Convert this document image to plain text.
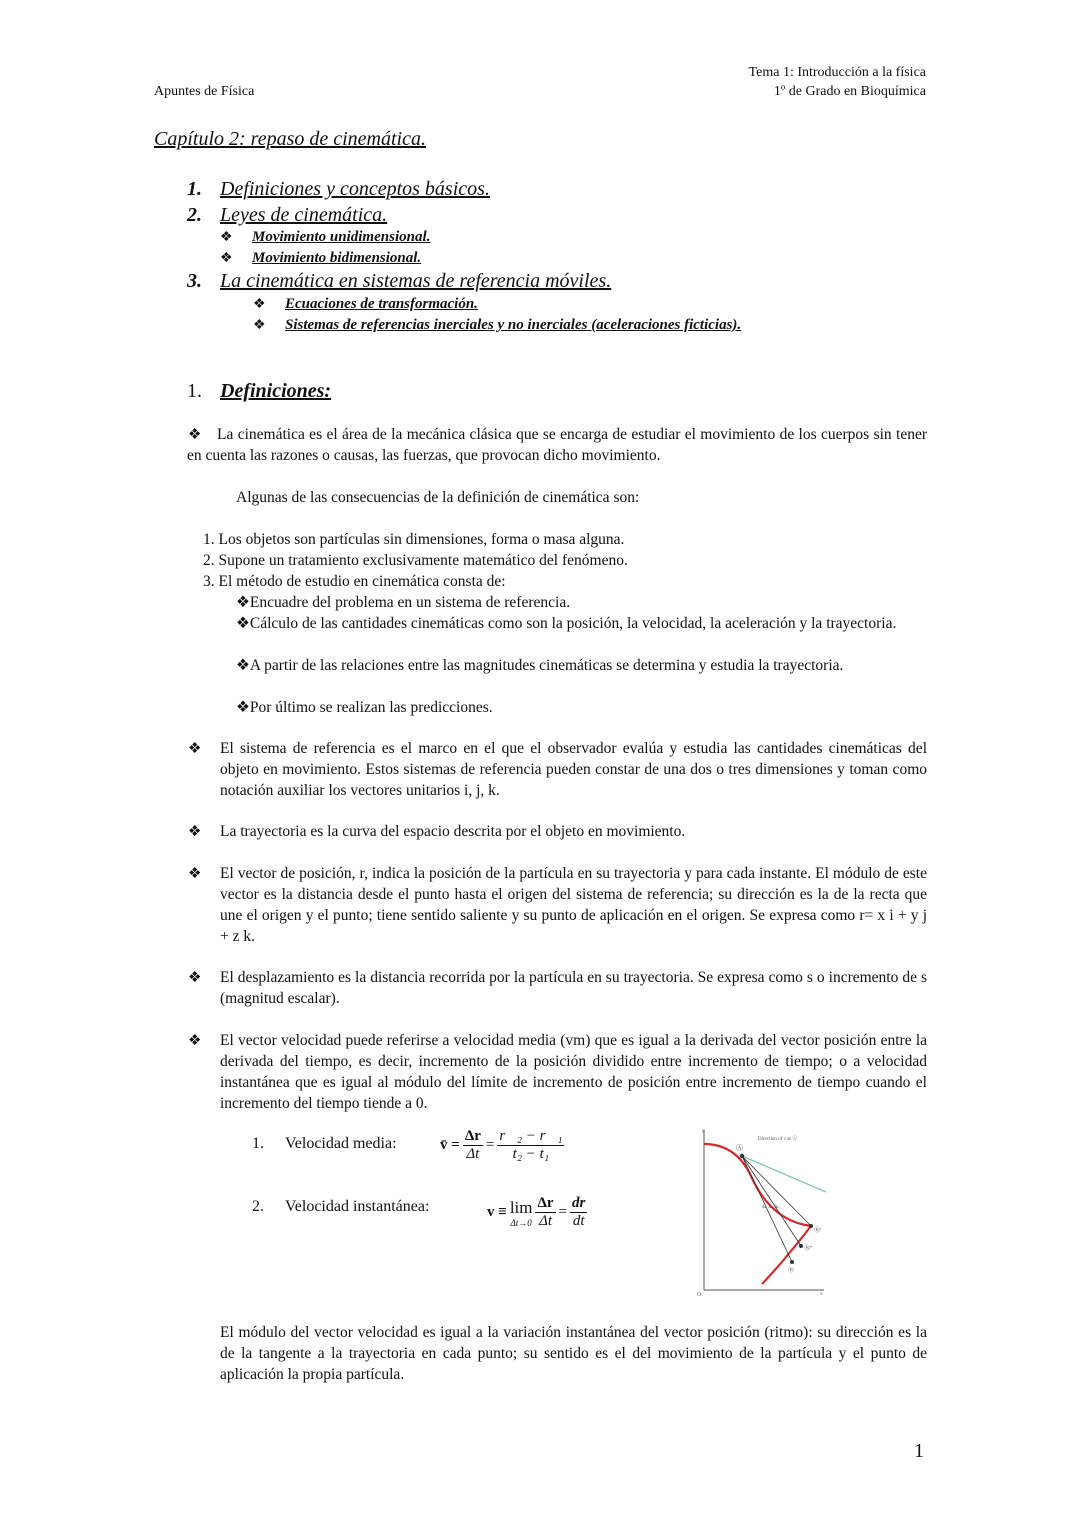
Apuntes de Física
Tema 1: Introducción a la física
1º de Grado en Bioquímica
Capítulo 2: repaso de cinemática.
1. Definiciones y conceptos básicos.
2. Leyes de cinemática.
❖ Movimiento unidimensional.
❖ Movimiento bidimensional.
3. La cinemática en sistemas de referencia móviles.
❖ Ecuaciones de transformación.
❖ Sistemas de referencias inerciales y no inerciales (aceleraciones ficticias).
1. Definiciones:
❖	La cinemática es el área de la mecánica clásica que se encarga de estudiar el movimiento de los cuerpos sin tener en cuenta las razones o causas, las fuerzas, que provocan dicho movimiento.
Algunas de las consecuencias de la definición de cinemática son:
1. Los objetos son partículas sin dimensiones, forma o masa alguna.
2. Supone un tratamiento exclusivamente matemático del fenómeno.
3. El método de estudio en cinemática consta de:
❖Encuadre del problema en un sistema de referencia.
❖Cálculo de las cantidades cinemáticas como son la posición, la velocidad, la aceleración y la trayectoria.
❖A partir de las relaciones entre las magnitudes cinemáticas se determina y estudia la trayectoria.
❖Por último se realizan las predicciones.
❖ El sistema de referencia es el marco en el que el observador evalúa y estudia las cantidades cinemáticas del objeto en movimiento. Estos sistemas de referencia pueden constar de una dos o tres dimensiones y toman como notación auxiliar los vectores unitarios i, j, k.
❖ La trayectoria es la curva del espacio descrita por el objeto en movimiento.
❖ El vector de posición, r, indica la posición de la partícula en su trayectoria y para cada instante. El módulo de este vector es la distancia desde el punto hasta el origen del sistema de referencia; su dirección es la de la recta que une el origen y el punto; tiene sentido saliente y su punto de aplicación en el origen. Se expresa como r= x i + y j + z k.
❖ El desplazamiento es la distancia recorrida por la partícula en su trayectoria. Se expresa como s o incremento de s (magnitud escalar).
❖ El vector velocidad puede referirse a velocidad media (vm) que es igual a la derivada del vector posición entre la derivada del tiempo, es decir, incremento de la posición dividido entre incremento de tiempo; o a velocidad instantánea que es igual al módulo del límite de incremento de posición entre incremento de tiempo cuando el incremento del tiempo tiende a 0.
1. Velocidad media:	v̄ = $\frac{\Delta r}{\Delta t} = \frac{\text{r⃗₂ − r⃗₁}}{\text{t₂ − t₁}}$
2. Velocidad instantánea:	v ≡ lim
$\Delta t\to 0 \frac{\Delta r}{\Delta t} = \frac{dr}{dt}$
y
x
O
Ⓐ
Ⓑ'
Ⓑ''
Ⓑ
Δr₁ Δr₂ Δr₃
Direction of v at Ⓐ
El módulo del vector velocidad es igual a la variación instantánea del vector posición (ritmo): su dirección es la de la tangente a la trayectoria en cada punto; su sentido es el del movimiento de la partícula y el punto de aplicación la propia partícula.
1
